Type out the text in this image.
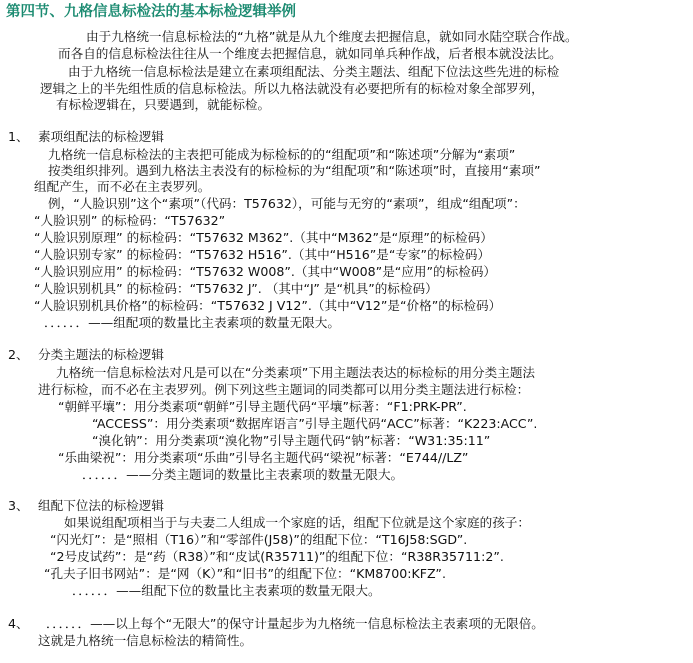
第四节、九格信息标检法的基本标检逻辑举例
由于九格统一信息标检法的“九格”就是从九个维度去把握信息，就如同水陆空联合作战。
而各自的信息标检法往往从一个维度去把握信息，就如同单兵种作战，后者根本就没法比。
由于九格统一信息标检法是建立在素项组配法、分类主题法、组配下位法这些先进的标检
逻辑之上的半先组性质的信息标检法。所以九格法就没有必要把所有的标检对象全部罗列，
有标检逻辑在，只要遇到，就能标检。
1、 素项组配法的标检逻辑
九格统一信息标检法的主表把可能成为标检标的的“组配项”和“陈述项”分解为“素项”
按类组织排列。遇到九格法主表没有的标检标的为“组配项”和“陈述项”时，直接用“素项”
组配产生，而不必在主表罗列。
例，“人脸识别”这个“素项”（代码：T57632），可能与无穷的“素项”，组成“组配项”：
“人脸识别” 的标检码：“T57632”
“人脸识别原理” 的标检码：“T57632 M362”.（其中“M362”是“原理”的标检码）
“人脸识别专家” 的标检码：“T57632 H516”.（其中“H516”是“专家”的标检码）
“人脸识别应用” 的标检码：“T57632 W008”.（其中“W008”是“应用”的标检码）
“人脸识别机具” 的标检码：“T57632 J”. （其中“J” 是“机具”的标检码）
“人脸识别机具价格”的标检码：“T57632 J V12”.（其中“V12”是“价格”的标检码）
．．．．．．——组配项的数量比主表素项的数量无限大。
2、 分类主题法的标检逻辑
九格统一信息标检法对凡是可以在“分类素项”下用主题法表达的标检标的用分类主题法
进行标检，而不必在主表罗列。例下列这些主题词的同类都可以用分类主题法进行标检：
“朝鲜平壤”：用分类素项“朝鲜”引导主题代码“平壤”标著：“F1:PRK-PR”.
“ACCESS”：用分类素项“数据库语言”引导主题代码“ACC”标著：“K223:ACC”.
“溴化钠”：用分类素项“溴化物”引导主题代码“钠”标著：“W31:35:11”
“乐曲梁祝”：用分类素项“乐曲”引导名主题代码“梁祝”标著：“E744//LZ”
．．．．．．——分类主题词的数量比主表素项的数量无限大。
3、 组配下位法的标检逻辑
如果说组配项相当于与夫妻二人组成一个家庭的话，组配下位就是这个家庭的孩子：
“闪光灯”：是“照相（T16）”和“零部件(J58)”的组配下位：“T16J58:SGD”.
“2号皮试药”：是“药（R38）”和“皮试(R35711)”的组配下位：“R38R35711:2”.
“孔夫子旧书网站”：是“网（K）”和“旧书”的组配下位：“KM8700:KFZ”.
．．．．．．——组配下位的数量比主表素项的数量无限大。
4、 ．．．．．．——以上每个“无限大”的保守计量起步为九格统一信息标检法主表素项的无限倍。
这就是九格统一信息标检法的精简性。
